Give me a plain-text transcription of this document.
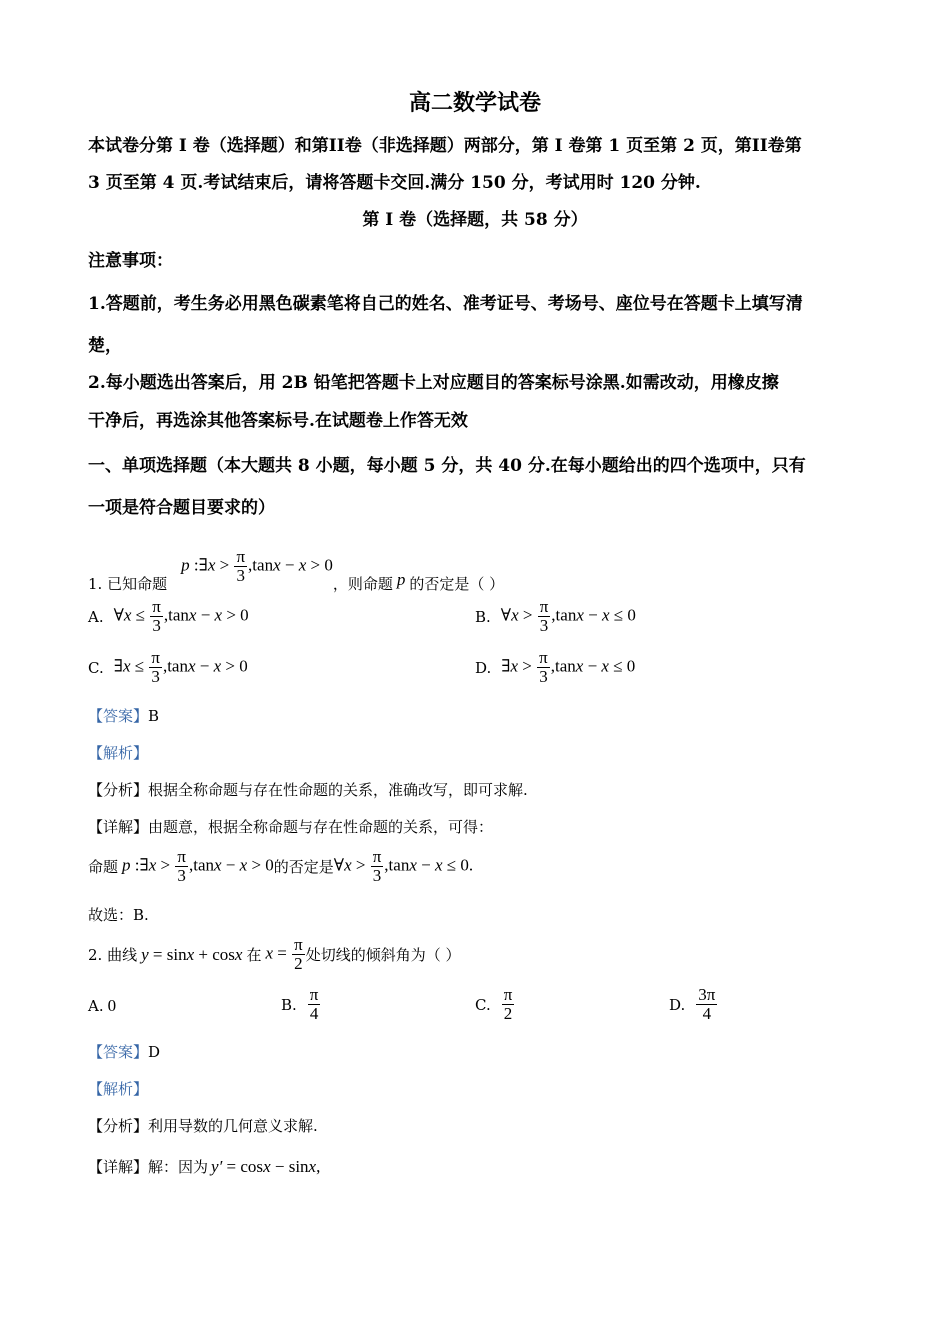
高二数学试卷
本试卷分第 I 卷（选择题）和第II卷（非选择题）两部分，第 I 卷第 1 页至第 2 页，第II卷第
3 页至第 4 页.考试结束后，请将答题卡交回.满分 150 分，考试用时 120 分钟.
第 I 卷（选择题，共 58 分）
注意事项：
1.答题前，考生务必用黑色碳素笔将自己的姓名、准考证号、考场号、座位号在答题卡上填写清
楚，
2.每小题选出答案后，用 2B 铅笔把答题卡上对应题目的答案标号涂黑.如需改动，用橡皮擦
干净后，再选涂其他答案标号.在试题卷上作答无效
一、单项选择题（本大题共 8 小题，每小题 5 分，共 40 分.在每小题给出的四个选项中，只有
一项是符合题目要求的）
1. 已知命题
p :∃x > $\frac{\pi}{3} ,\tan x - x > 0$
，则命题 p 的否定是（ ）
A. ∀x ≤ $\frac{\pi}{3} ,\tan x - x > 0$	B. ∀x > $\frac{\pi}{3} ,\tan x - x \le 0$
C. ∃x ≤ $\frac{\pi}{3} ,\tan x - x > 0$	D. ∃x > $\frac{\pi}{3} ,\tan x - x \le 0$
【答案】B
【解析】
【分析】根据全称命题与存在性命题的关系，准确改写，即可求解.
【详解】由题意，根据全称命题与存在性命题的关系，可得：
命题 p :∃x > $\frac{\pi}{3} ,\tan x - x > 0$ 的否定是 ∀x > $\frac{\pi}{3} ,\tan x - x \le 0$.
故选：B.
2. 曲线 y = sinx + cosx 在 $x = \frac{\pi}{2}$ 处切线的倾斜角为（ ）
A. 0	B. $\frac{\pi}{4}$	C. $\frac{\pi}{2}$	D. $\frac{3\pi}{4}$
【答案】D
【解析】
【分析】利用导数的几何意义求解.
【详解】 解：因为 y′ = cosx − sinx,
